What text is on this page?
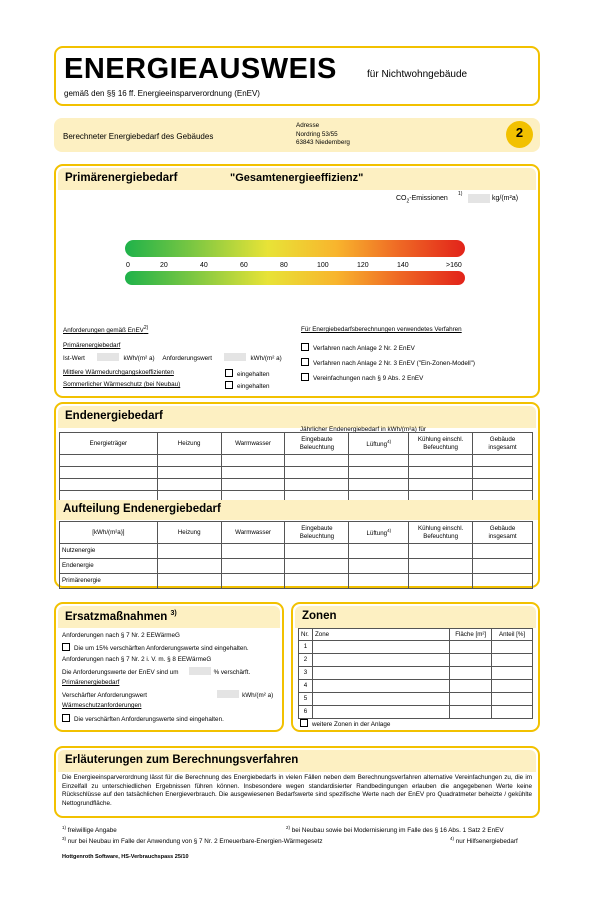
ENERGIEAUSWEIS	für Nichtwohngebäude
gemäß den §§ 16 ff. Energieeinsparverordnung (EnEV)
Berechneter Energiebedarf des Gebäudes
Adresse
Nordring 53/55
63843 Niedernberg
2
Primärenergiebedarf	"Gesamtenergieeffizienz"
$CO_2$-Emissionen
1)
kg/(m²a)
0	20	40	60	80	100	120	140	>160
Anforderungen gemäß EnEV$^{2)}$
Primärenergiebedarf
Ist-Wert	kWh/(m² a) Anforderungswert	kWh/(m² a)
Mittlere Wärmedurchgangskoeffizienten
Sommerlicher Wärmeschutz (bei Neubau)
eingehalten
eingehalten
Für Energiebedarfsberechnungen verwendetes Verfahren
Verfahren nach Anlage 2 Nr. 2 EnEV
Verfahren nach Anlage 2 Nr. 3 EnEV ("Ein-Zonen-Modell")
Vereinfachungen nach § 9 Abs. 2 EnEV
Endenergiebedarf
Jährlicher Endenergiebedarf in kWh/(m²a) für
Energieträger	Heizung	Warmwasser	Eingebaute Beleuchtung	Lüftung$^{4)}$	Kühlung einschl. Befeuchtung	Gebäude insgesamt

Aufteilung Endenergiebedarf
[kWh/(m²a)]	Heizung	Warmwasser	Eingebaute Beleuchtung	Lüftung$^{4)}$	Kühlung einschl. Befeuchtung	Gebäude insgesamt
Nutzenergie						
Endenergie						
Primärenergie						
Ersatzmaßnahmen $^{3)}$
Anforderungen nach § 7 Nr. 2 EEWärmeG
Die um 15% verschärften Anforderungswerte sind eingehalten.
Anforderungen nach § 7 Nr. 2 i. V. m. § 8 EEWärmeG
Die Anforderungswerte der EnEV sind um	% verschärft.
Primärenergiebedarf
Verschärfter Anforderungswert	kWh/(m² a)
Wärmeschutzanforderungen
Die verschärften Anforderungswerte sind eingehalten.
Zonen
Nr.	Zone	Fläche [m²]	Anteil [%]
1			
2			
3			
4			
5			
6			
weitere Zonen in der Anlage
Erläuterungen zum Berechnungsverfahren
Die Energieeinsparverordnung lässt für die Berechnung des Energiebedarfs in vielen Fällen neben dem Berechnungsverfahren alternative Vereinfachungen zu, die im Einzelfall zu unterschiedlichen Ergebnissen führen können. Insbesondere wegen standardisierter Randbedingungen erlauben die angegebenen Werte keine Rückschlüsse auf den tatsächlichen Energieverbrauch. Die ausgewiesenen Bedarfswerte sind spezifische Werte nach der EnEV pro Quadratmeter beheizte / gekühlte Nettogrundfläche.
$^{1)}$ freiwillige Angabe	$^{2)}$ bei Neubau sowie bei Modernisierung im Falle des § 16 Abs. 1 Satz 2 EnEV
$^{3)}$ nur bei Neubau im Falle der Anwendung von § 7 Nr. 2 Erneuerbare-Energien-Wärmegesetz	$^{4)}$ nur Hilfsenergiebedarf
Hottgenroth Software, HS-Verbrauchspass 25/10
